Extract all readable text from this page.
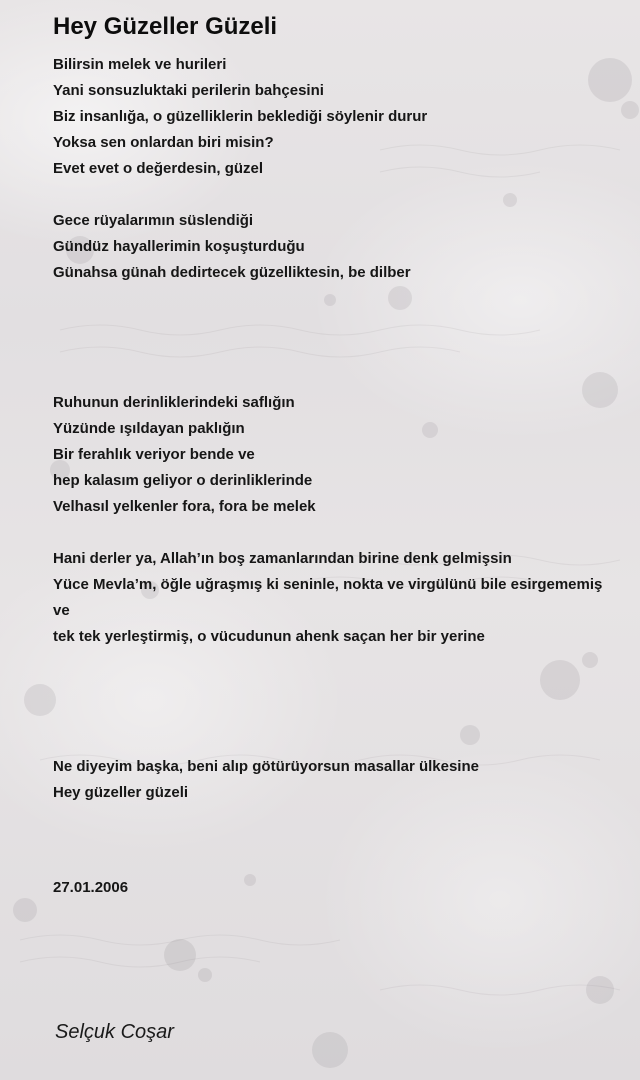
Hey Güzeller Güzeli
Bilirsin melek ve hurileri
Yani sonsuzluktaki perilerin bahçesini
Biz insanlığa, o güzelliklerin beklediği söylenir durur
Yoksa sen onlardan biri misin?
Evet evet o değerdesin, güzel
Gece rüyalarımın süslendiği
Gündüz hayallerimin koşuşturduğu
Günahsa günah dedirtecek güzelliktesin, be dilber
Ruhunun derinliklerindeki saflığın
Yüzünde ışıldayan paklığın
Bir ferahlık veriyor bende ve
hep kalasım geliyor o derinliklerinde
Velhasıl yelkenler fora, fora be melek
Hani derler ya, Allah’ın boş zamanlarından birine denk gelmişsin
Yüce Mevla’m, öğle uğraşmış ki seninle, nokta ve virgülünü bile esirgememiş ve
tek tek yerleştirmiş, o vücudunun ahenk saçan her bir yerine
Ne diyeyim başka, beni alıp götürüyorsun masallar ülkesine
Hey güzeller güzeli
27.01.2006
Selçuk Coşar
